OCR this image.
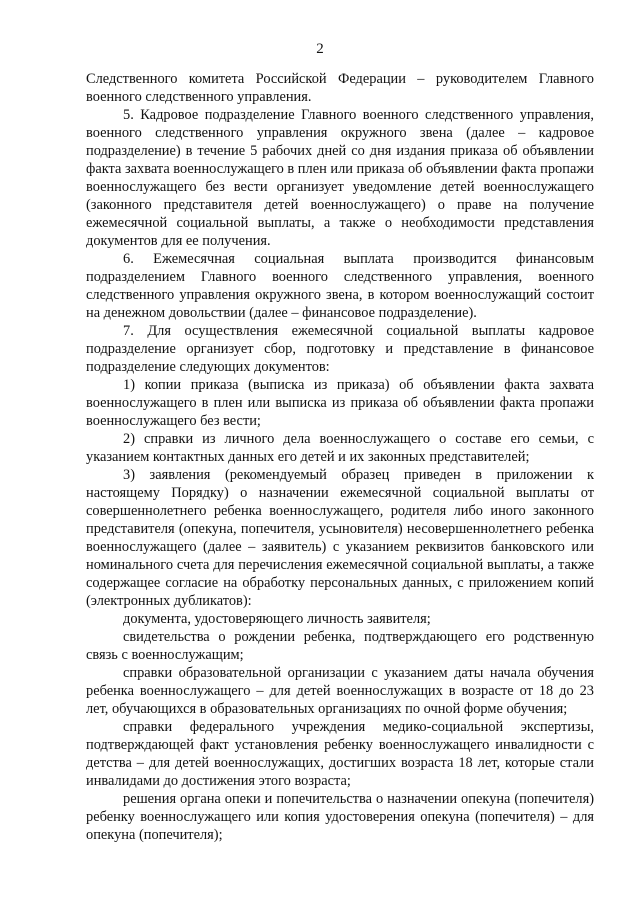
2

Следственного комитета Российской Федерации – руководителем Главного военного следственного управления.

5. Кадровое подразделение Главного военного следственного управления, военного следственного управления окружного звена (далее – кадровое подразделение) в течение 5 рабочих дней со дня издания приказа об объявлении факта захвата военнослужащего в плен или приказа об объявлении факта пропажи военнослужащего без вести организует уведомление детей военнослужащего (законного представителя детей военнослужащего) о праве на получение ежемесячной социальной выплаты, а также о необходимости представления документов для ее получения.

6. Ежемесячная социальная выплата производится финансовым подразделением Главного военного следственного управления, военного следственного управления окружного звена, в котором военнослужащий состоит на денежном довольствии (далее – финансовое подразделение).

7. Для осуществления ежемесячной социальной выплаты кадровое подразделение организует сбор, подготовку и представление в финансовое подразделение следующих документов:

1) копии приказа (выписка из приказа) об объявлении факта захвата военнослужащего в плен или выписка из приказа об объявлении факта пропажи военнослужащего без вести;

2) справки из личного дела военнослужащего о составе его семьи, с указанием контактных данных его детей и их законных представителей;

3) заявления (рекомендуемый образец приведен в приложении к настоящему Порядку) о назначении ежемесячной социальной выплаты от совершеннолетнего ребенка военнослужащего, родителя либо иного законного представителя (опекуна, попечителя, усыновителя) несовершеннолетнего ребенка военнослужащего (далее – заявитель) с указанием реквизитов банковского или номинального счета для перечисления ежемесячной социальной выплаты, а также содержащее согласие на обработку персональных данных, с приложением копий (электронных дубликатов):

документа, удостоверяющего личность заявителя;

свидетельства о рождении ребенка, подтверждающего его родственную связь с военнослужащим;

справки образовательной организации с указанием даты начала обучения ребенка военнослужащего – для детей военнослужащих в возрасте от 18 до 23 лет, обучающихся в образовательных организациях по очной форме обучения;

справки федерального учреждения медико-социальной экспертизы, подтверждающей факт установления ребенку военнослужащего инвалидности с детства – для детей военнослужащих, достигших возраста 18 лет, которые стали инвалидами до достижения этого возраста;

решения органа опеки и попечительства о назначении опекуна (попечителя) ребенку военнослужащего или копия удостоверения опекуна (попечителя) – для опекуна (попечителя);
